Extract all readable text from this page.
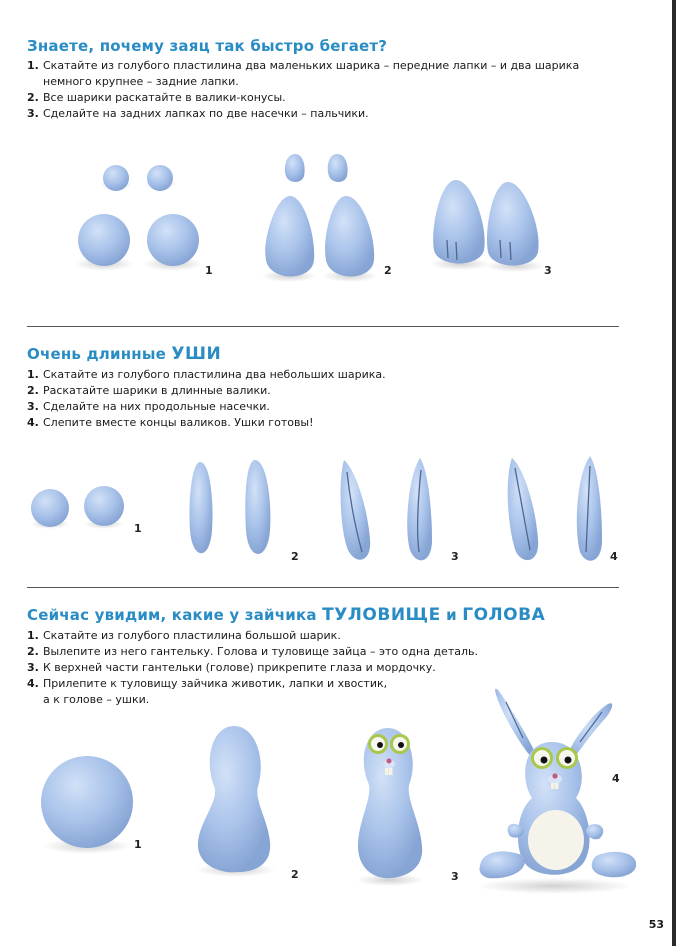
Знаете, почему заяц так быстро бегает?
1. Скатайте из голубого пластилина два маленьких шарика – передние лапки – и два шарика
немного крупнее – задние лапки.
2. Все шарики раскатайте в валики-конусы.
3. Сделайте на задних лапках по две насечки – пальчики.
1	2	3
Очень длинные УШИ
1. Скатайте из голубого пластилина два небольших шарика.
2. Раскатайте шарики в длинные валики.
3. Сделайте на них продольные насечки.
4. Слепите вместе концы валиков. Ушки готовы!
1
2	3	4
Сейчас увидим, какие у зайчика ТУЛОВИЩЕ и ГОЛОВА
1. Скатайте из голубого пластилина большой шарик.
2. Вылепите из него гантельку. Голова и туловище зайца – это одна деталь.
3. К верхней части гантельки (голове) прикрепите глаза и мордочку.
4. Прилепите к туловищу зайчика животик, лапки и хвостик,
а к голове – ушки.
1
2	3
4
53
